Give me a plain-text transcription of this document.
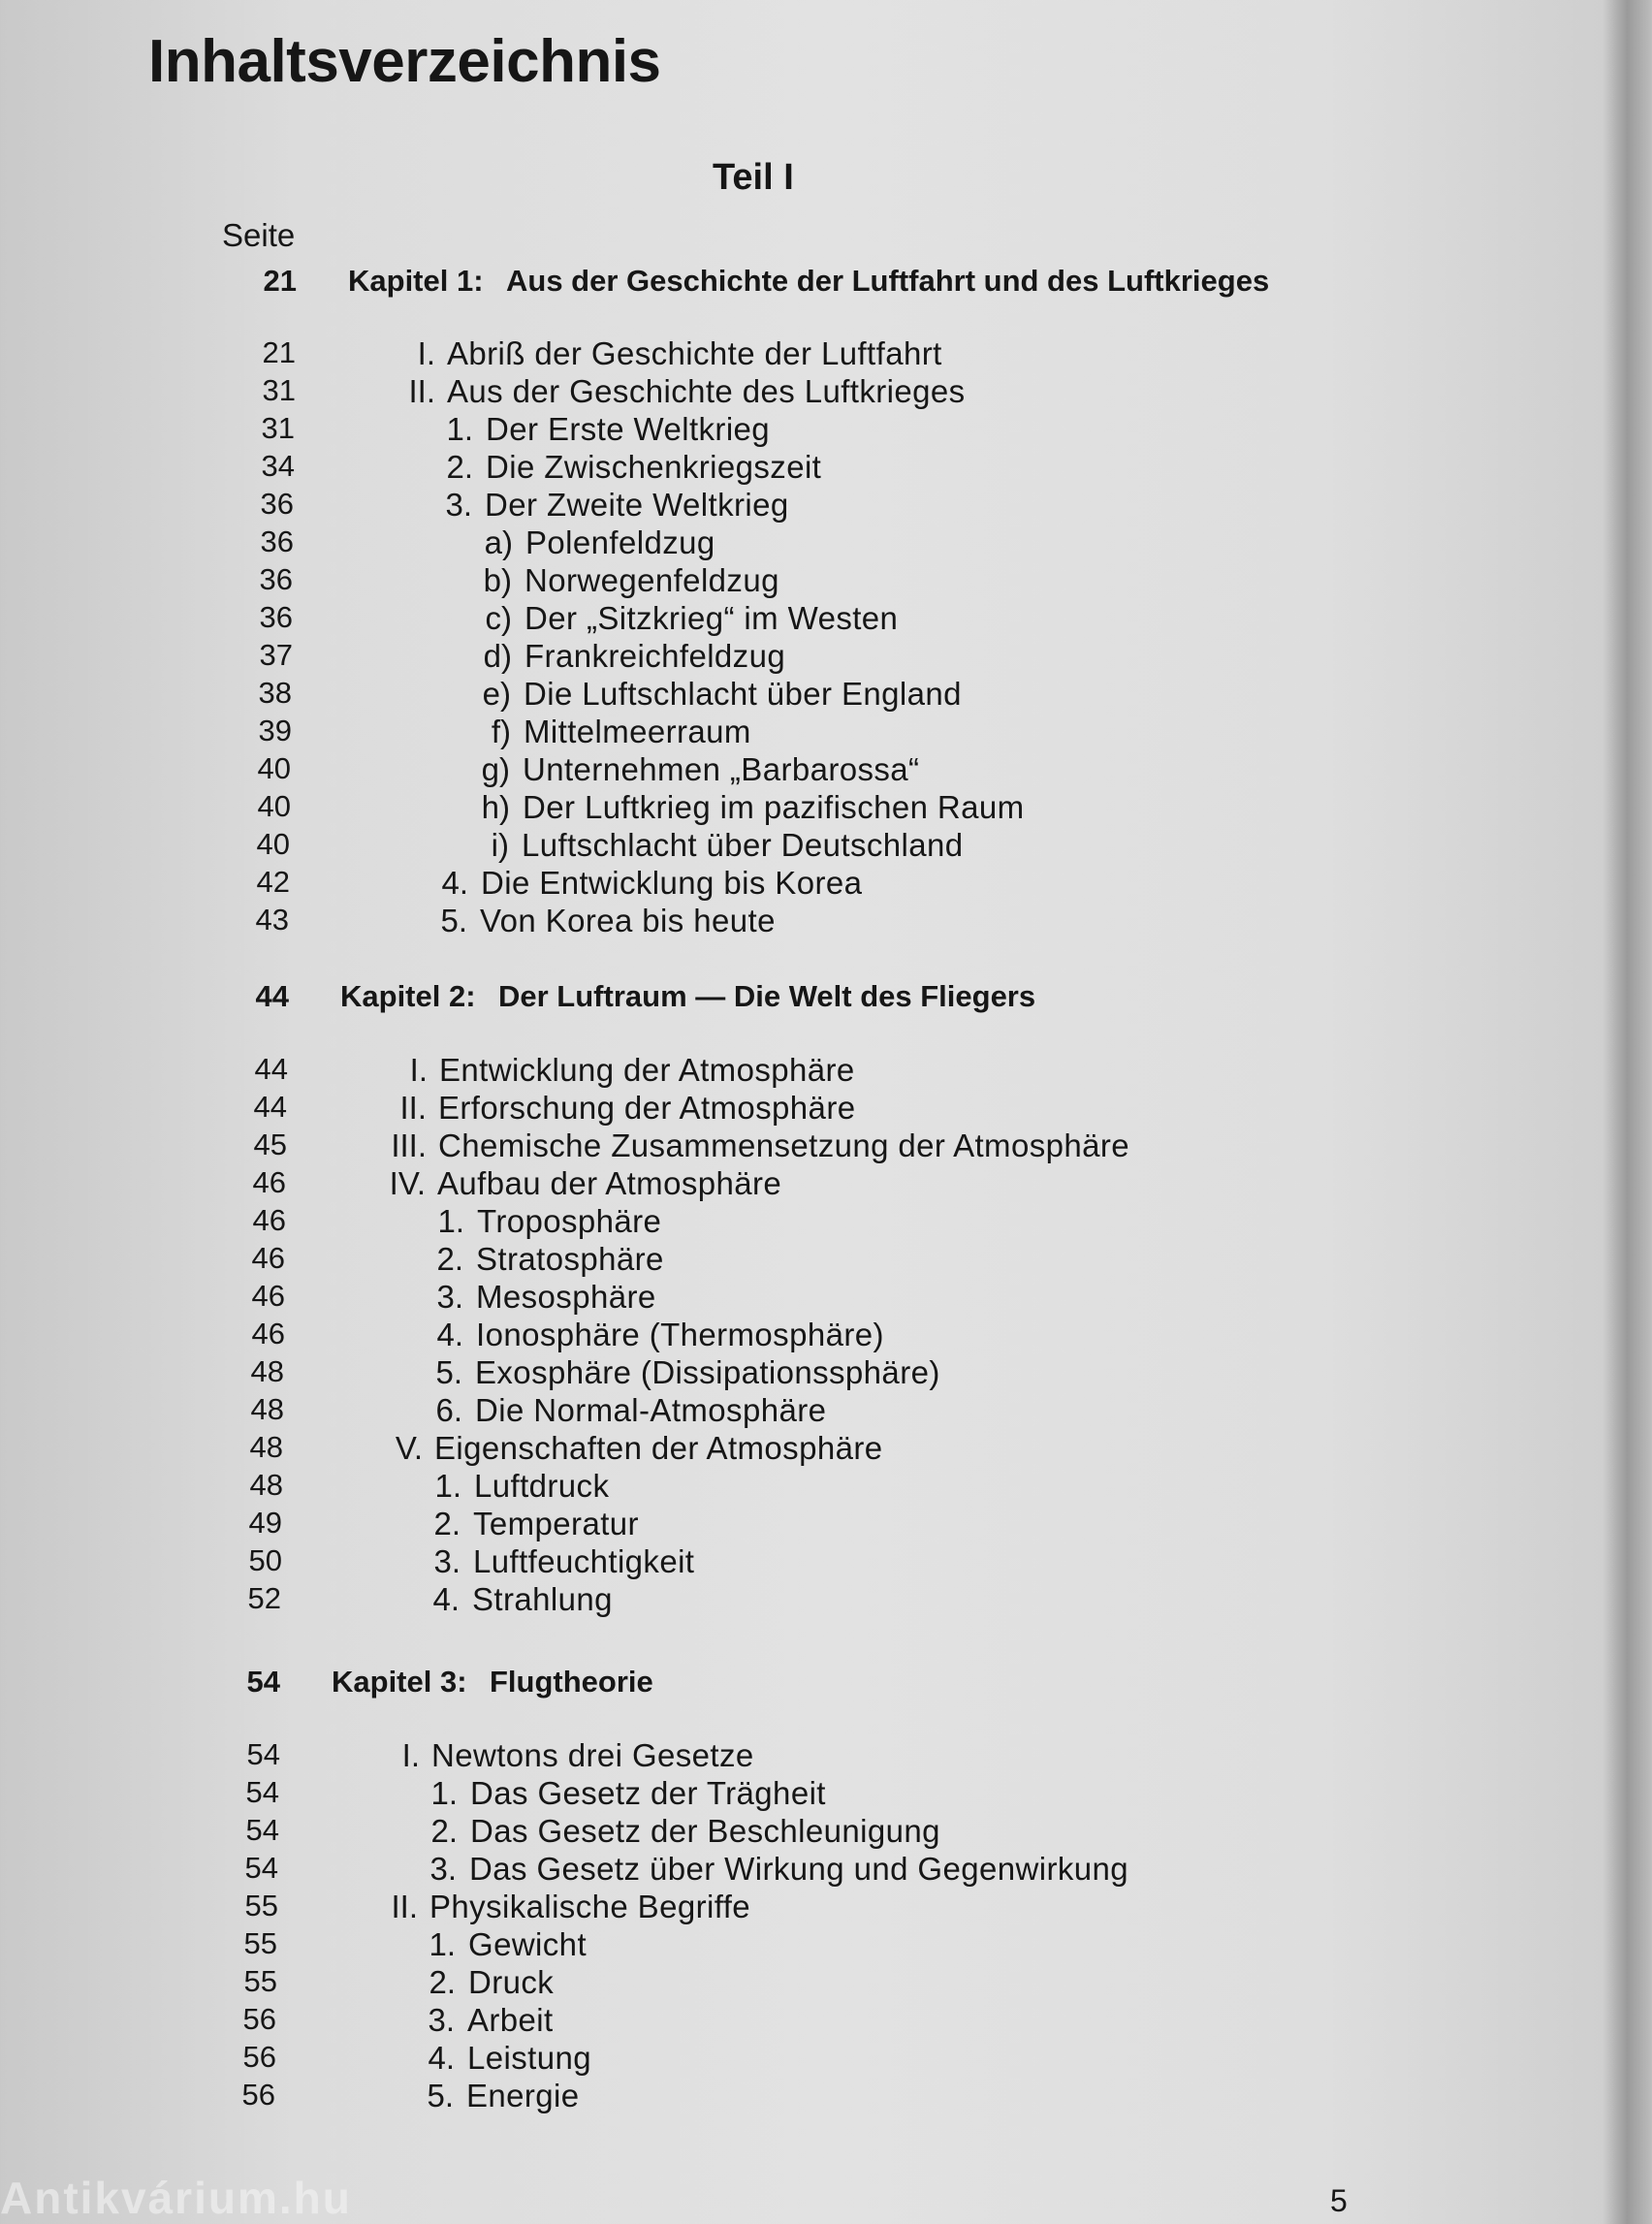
Inhaltsverzeichnis
Teil I
Seite
21 Kapitel 1: Aus der Geschichte der Luftfahrt und des Luftkrieges
21	I. Abriß der Geschichte der Luftfahrt
31	II. Aus der Geschichte des Luftkrieges
31	1. Der Erste Weltkrieg
34	2. Die Zwischenkriegszeit
36	3. Der Zweite Weltkrieg
36	a) Polenfeldzug
36	b) Norwegenfeldzug
36	c) Der „Sitzkrieg“ im Westen
37	d) Frankreichfeldzug
38	e) Die Luftschlacht über England
39	f) Mittelmeerraum
40	g) Unternehmen „Barbarossa“
40	h) Der Luftkrieg im pazifischen Raum
40	i) Luftschlacht über Deutschland
42	4. Die Entwicklung bis Korea
43	5. Von Korea bis heute
44 Kapitel 2: Der Luftraum — Die Welt des Fliegers
44	I. Entwicklung der Atmosphäre
44	II. Erforschung der Atmosphäre
45	III. Chemische Zusammensetzung der Atmosphäre
46	IV. Aufbau der Atmosphäre
46	1. Troposphäre
46	2. Stratosphäre
46	3. Mesosphäre
46	4. Ionosphäre (Thermosphäre)
48	5. Exosphäre (Dissipationssphäre)
48	6. Die Normal-Atmosphäre
48	V. Eigenschaften der Atmosphäre
48	1. Luftdruck
49	2. Temperatur
50	3. Luftfeuchtigkeit
52	4. Strahlung
54 Kapitel 3: Flugtheorie
54	I. Newtons drei Gesetze
54	1. Das Gesetz der Trägheit
54	2. Das Gesetz der Beschleunigung
54	3. Das Gesetz über Wirkung und Gegenwirkung
55	II. Physikalische Begriffe
55	1. Gewicht
55	2. Druck
56	3. Arbeit
56	4. Leistung
56	5. Energie
Antikvárium.hu	5
